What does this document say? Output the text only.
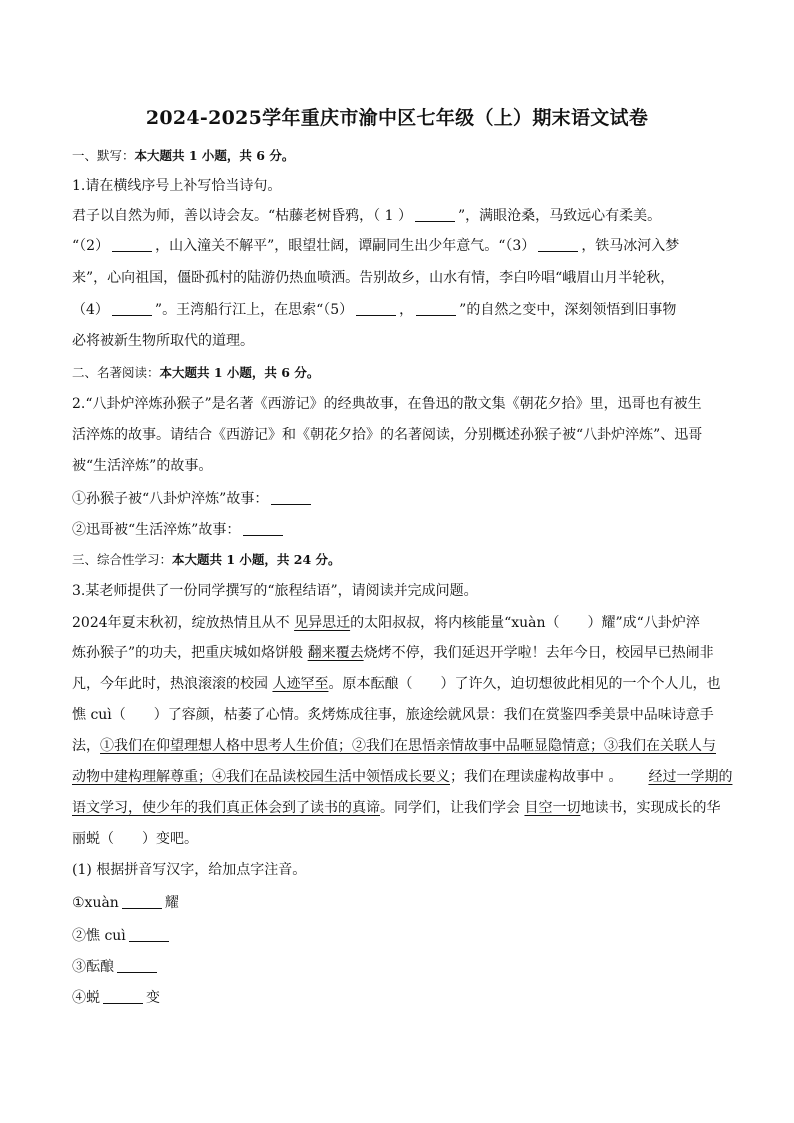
2024-2025学年重庆市渝中区七年级（上）期末语文试卷
一、默写：本大题共 1 小题，共 6 分。
1.请在横线序号上补写恰当诗句。
君子以自然为师，善以诗会友。“枯藤老树昏鸦，（ 1 ）	”，满眼沧桑，马致远心有柔美。
“（2）	，山入潼关不解平”，眼望壮阔，谭嗣同生出少年意气。“（3）	，铁马冰河入梦
来”，心向祖国，僵卧孤村的陆游仍热血喷洒。告别故乡，山水有情，李白吟唱“峨眉山月半轮秋，
（4）	”。王湾船行江上，在思索“（5）	，	”的自然之变中，深刻领悟到旧事物
必将被新生物所取代的道理。
二、名著阅读：本大题共 1 小题，共 6 分。
2.“八卦炉淬炼孙猴子”是名著《西游记》的经典故事，在鲁迅的散文集《朝花夕拾》里，迅哥也有被生
活淬炼的故事。请结合《西游记》和《朝花夕拾》的名著阅读，分别概述孙猴子被“八卦炉淬炼”、迅哥
被“生活淬炼”的故事。
①孙猴子被“八卦炉淬炼”故事：
②迅哥被“生活淬炼”故事：
三、综合性学习：本大题共 1 小题，共 24 分。
3.某老师提供了一份同学撰写的“旅程结语”，请阅读并完成问题。
2024年夏末秋初，绽放热情且从不 见异思迁的太阳叔叔，将内核能量“xuàn（　　）耀”成“八卦炉淬
炼孙猴子”的功夫，把重庆城如烙饼般 翻来覆去烧烤不停，我们延迟开学啦！去年今日，校园早已热闹非
凡，今年此时，热浪滚滚的校园 人迹罕至。原本酝酿（　　）了许久，迫切想彼此相见的一个个人儿，也
憔 cuì（　　）了容颜，枯萎了心情。炙烤炼成往事，旅途绘就风景：我们在赏鉴四季美景中品味诗意手
法，①我们在仰望理想人格中思考人生价值；②我们在思悟亲情故事中品咂显隐情意；③我们在关联人与
动物中建构理解尊重；④我们在品读校园生活中领悟成长要义；我们在理读虚构故事中 。 经过一学期的
语文学习，使少年的我们真正体会到了读书的真谛。同学们，让我们学会 目空一切地读书，实现成长的华
丽蜕（　　）变吧。
(1) 根据拼音写汉字，给加点字注音。
①xuàn	耀
②憔 cuì
③酝酿
④蜕	变
